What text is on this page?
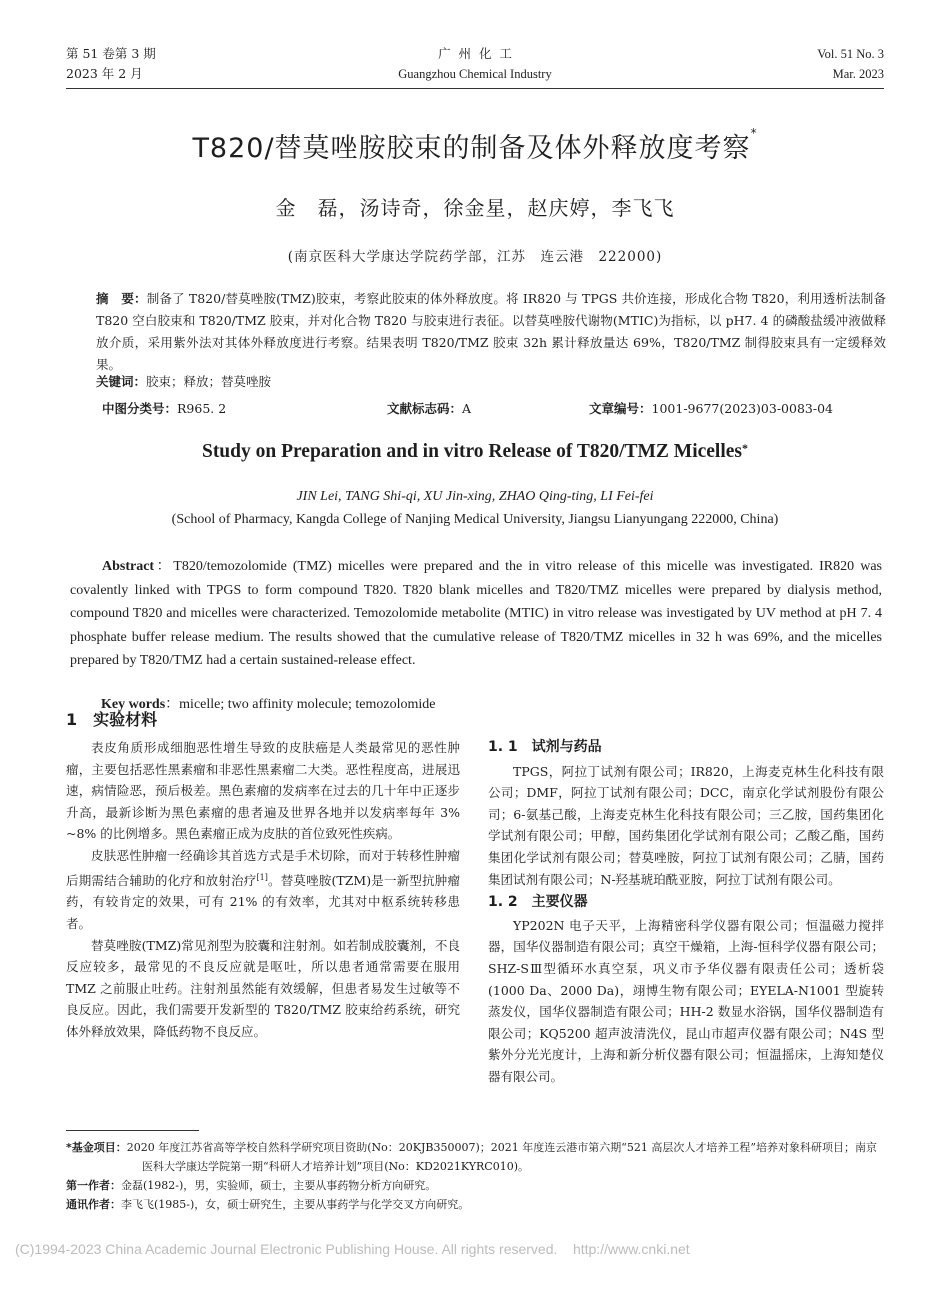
第 51 卷第 3 期
2023 年 2 月
广  州  化  工
Guangzhou Chemical Industry
Vol. 51 No. 3
Mar. 2023
T820/替莫唑胺胶束的制备及体外释放度考察*
金　磊，汤诗奇，徐金星，赵庆婷，李飞飞
(南京医科大学康达学院药学部，江苏　连云港　222000)
摘　要：制备了 T820/替莫唑胺(TMZ)胶束，考察此胶束的体外释放度。将 IR820 与 TPGS 共价连接，形成化合物 T820，利用透析法制备 T820 空白胶束和 T820/TMZ 胶束，并对化合物 T820 与胶束进行表征。以替莫唑胺代谢物(MTIC)为指标，以 pH7. 4 的磷酸盐缓冲液做释放介质，采用紫外法对其体外释放度进行考察。结果表明 T820/TMZ 胶束 32h 累计释放量达 69%，T820/TMZ 制得胶束具有一定缓释效果。
关键词：胶束；释放；替莫唑胺
中图分类号：R965. 2	文献标志码：A	文章编号：1001-9677(2023)03-0083-04
Study on Preparation and in vitro Release of T820/TMZ Micelles*
JIN Lei, TANG Shi-qi, XU Jin-xing, ZHAO Qing-ting, LI Fei-fei
(School of Pharmacy, Kangda College of Nanjing Medical University, Jiangsu Lianyungang 222000, China)
Abstract：T820/temozolomide (TMZ) micelles were prepared and the in vitro release of this micelle was investigated. IR820 was covalently linked with TPGS to form compound T820. T820 blank micelles and T820/TMZ micelles were prepared by dialysis method, compound T820 and micelles were characterized. Temozolomide metabolite (MTIC) in vitro release was investigated by UV method at pH 7. 4 phosphate buffer release medium. The results showed that the cumulative release of T820/TMZ micelles in 32 h was 69%, and the micelles prepared by T820/TMZ had a certain sustained-release effect.
Key words：micelle; two affinity molecule; temozolomide

表皮角质形成细胞恶性增生导致的皮肤癌是人类最常见的恶性肿瘤，主要包括恶性黑素瘤和非恶性黑素瘤二大类。恶性程度高，进展迅速，病情险恶，预后极差。黑色素瘤的发病率在过去的几十年中正逐步升高，最新诊断为黑色素瘤的患者遍及世界各地并以发病率每年 3% ~8% 的比例增多。黑色素瘤正成为皮肤的首位致死性疾病。

皮肤恶性肿瘤一经确诊其首选方式是手术切除，而对于转移性肿瘤后期需结合辅助的化疗和放射治疗[1]。替莫唑胺(TZM)是一新型抗肿瘤药，有较肯定的效果，可有 21% 的有效率，尤其对中枢系统转移患者。

替莫唑胺(TMZ)常见剂型为胶囊和注射剂。如若制成胶囊剂，不良反应较多，最常见的不良反应就是呕吐，所以患者通常需要在服用 TMZ 之前服止吐药。注射剂虽然能有效缓解，但患者易发生过敏等不良反应。因此，我们需要开发新型的 T820/TMZ 胶束给药系统，研究体外释放效果，降低药物不良反应。

1　实验材料
1. 1　试剂与药品

TPGS，阿拉丁试剂有限公司；IR820，上海麦克林生化科技有限公司；DMF，阿拉丁试剂有限公司；DCC，南京化学试剂股份有限公司；6-氨基己酸，上海麦克林生化科技有限公司；三乙胺，国药集团化学试剂有限公司；甲醇，国药集团化学试剂有限公司；乙酸乙酯，国药集团化学试剂有限公司；替莫唑胺，阿拉丁试剂有限公司；乙腈，国药集团试剂有限公司；N-羟基琥珀酰亚胺，阿拉丁试剂有限公司。

1. 2　主要仪器

YP202N 电子天平，上海精密科学仪器有限公司；恒温磁力搅拌器，国华仪器制造有限公司；真空干燥箱，上海-恒科学仪器有限公司；SHZ-SⅢ型循环水真空泵，巩义市予华仪器有限责任公司；透析袋(1000 Da、2000 Da)，翊博生物有限公司；EYELA-N1001 型旋转蒸发仪，国华仪器制造有限公司；HH-2 数显水浴锅，国华仪器制造有限公司；KQ5200 超声波清洗仪，昆山市超声仪器有限公司；N4S 型紫外分光光度计，上海和新分析仪器有限公司；恒温摇床，上海知楚仪器有限公司。

*基金项目：2020 年度江苏省高等学校自然科学研究项目资助(No：20KJB350007)；2021 年度连云港市第六期“521 高层次人才培养工程”培养对象科研项目；南京医科大学康达学院第一期“科研人才培养计划”项目(No：KD2021KYRC010)。
第一作者：金磊(1982-)，男，实验师，硕士，主要从事药物分析方向研究。
通讯作者：李飞飞(1985-)，女，硕士研究生，主要从事药学与化学交叉方向研究。
(C)1994-2023 China Academic Journal Electronic Publishing House. All rights reserved.    http://www.cnki.net
